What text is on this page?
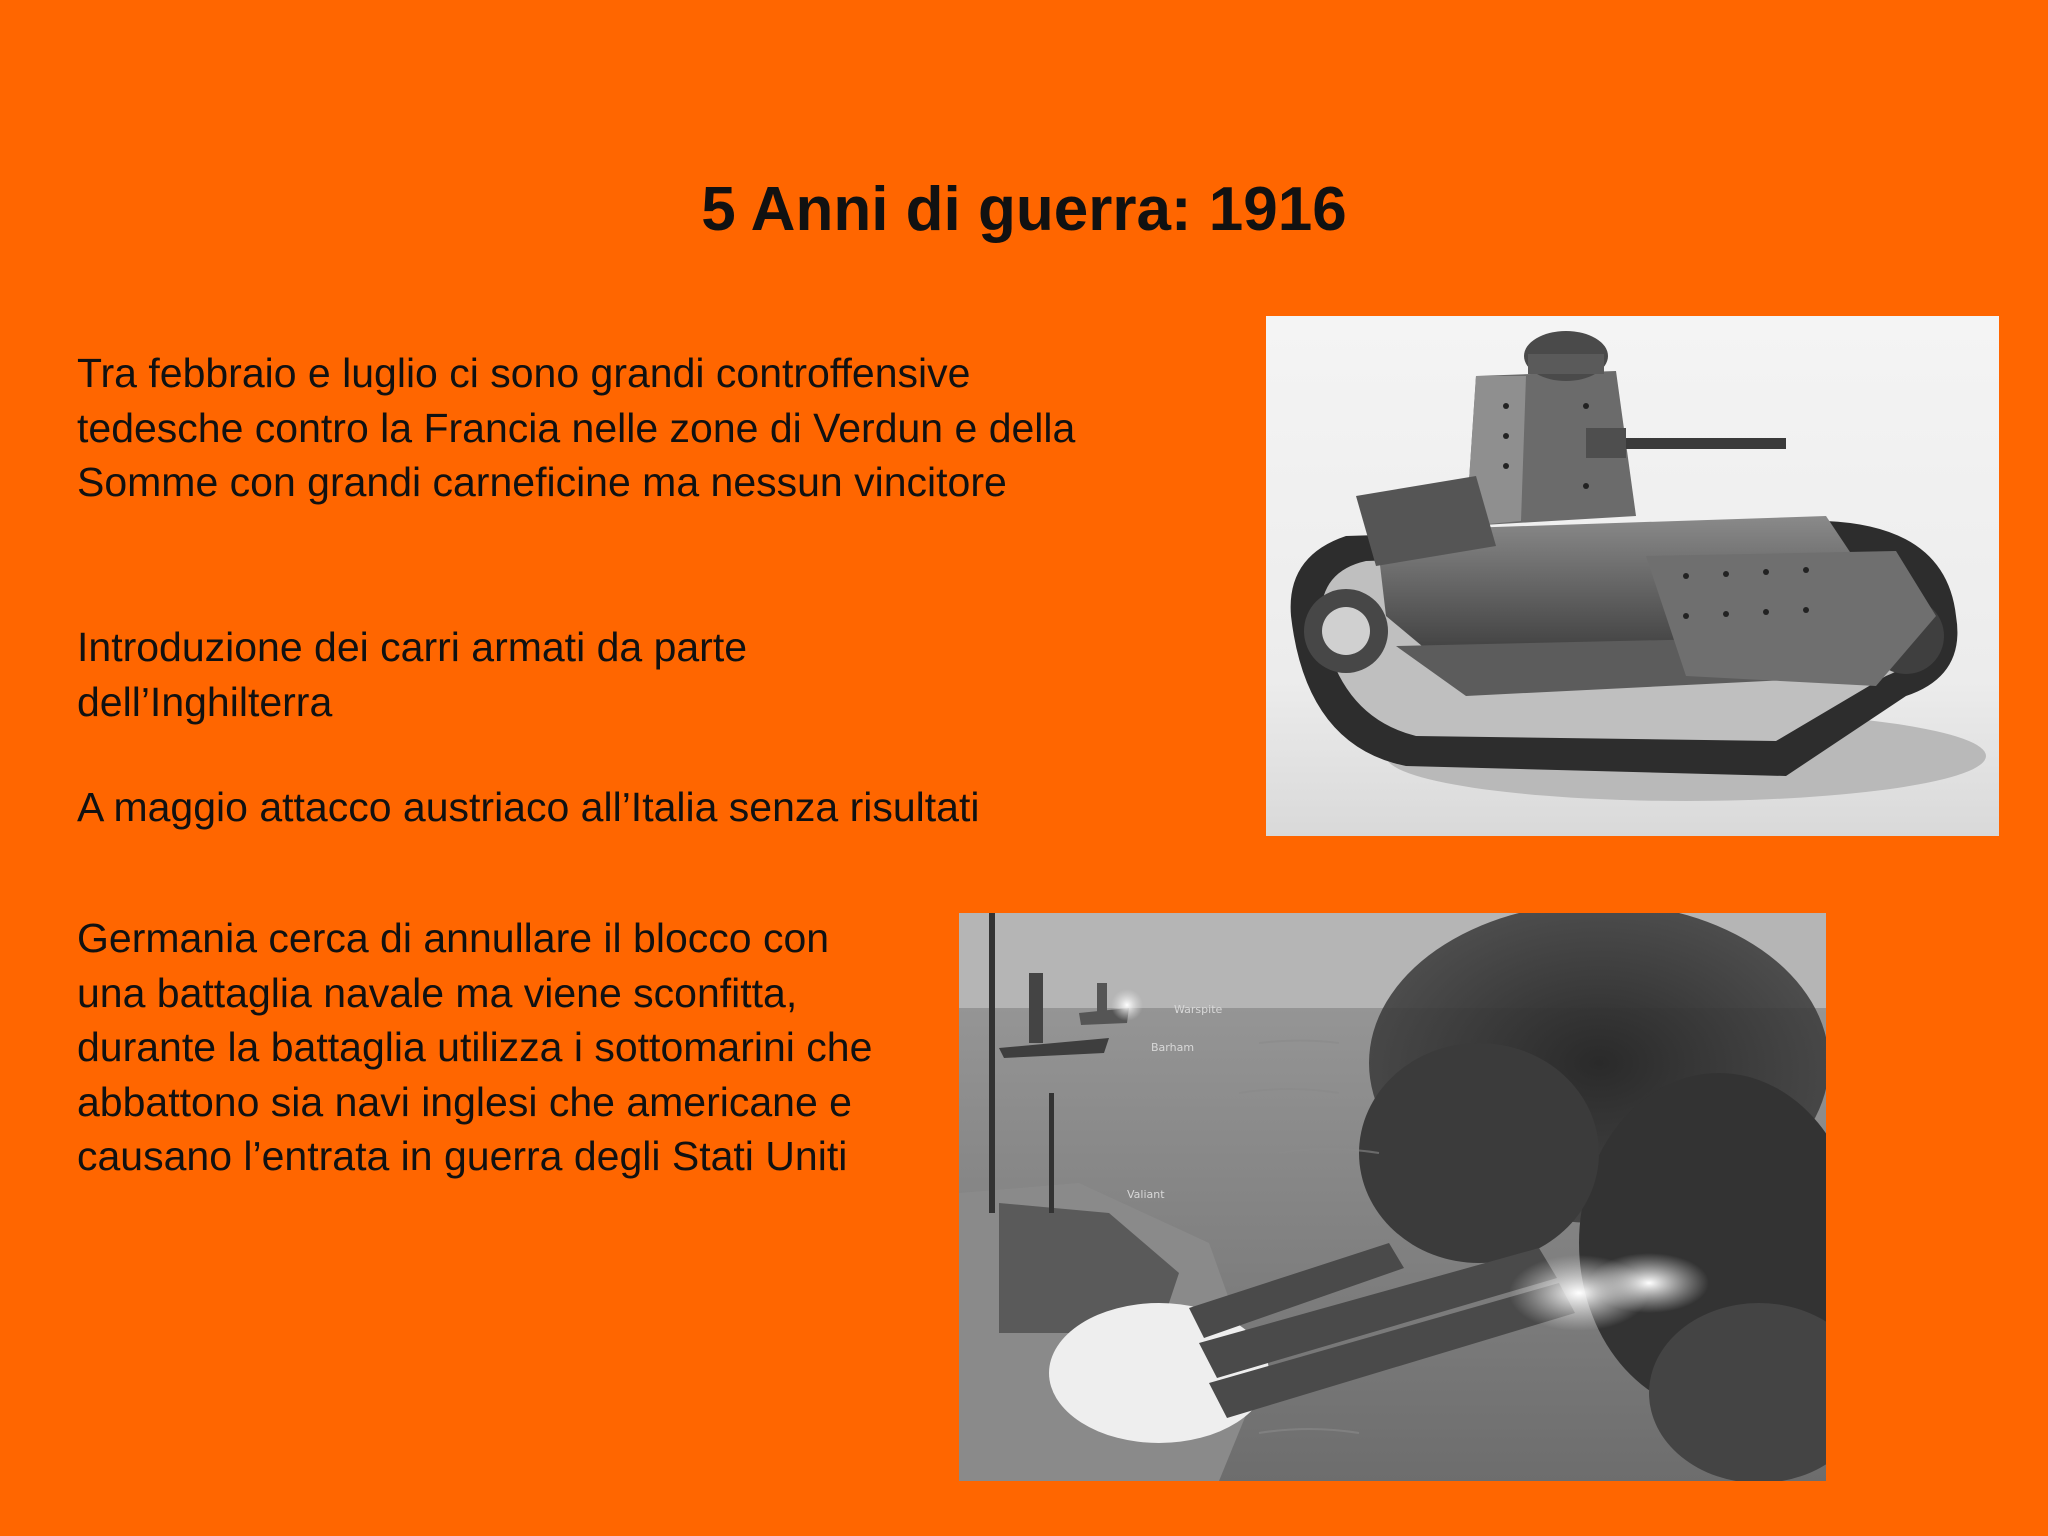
5 Anni di guerra: 1916

Tra febbraio e luglio ci sono grandi controffensive tedesche contro la Francia nelle zone di Verdun e della Somme con grandi carneficine ma nessun vincitore

Introduzione dei carri armati da parte dell’Inghilterra

A maggio attacco austriaco all’Italia senza risultati

Germania cerca di annullare il blocco con una battaglia navale ma viene sconfitta, durante la battaglia utilizza i sottomarini che abbattono sia navi inglesi che americane e causano l’entrata in guerra degli Stati Uniti

Warspite
Barham
Valiant
